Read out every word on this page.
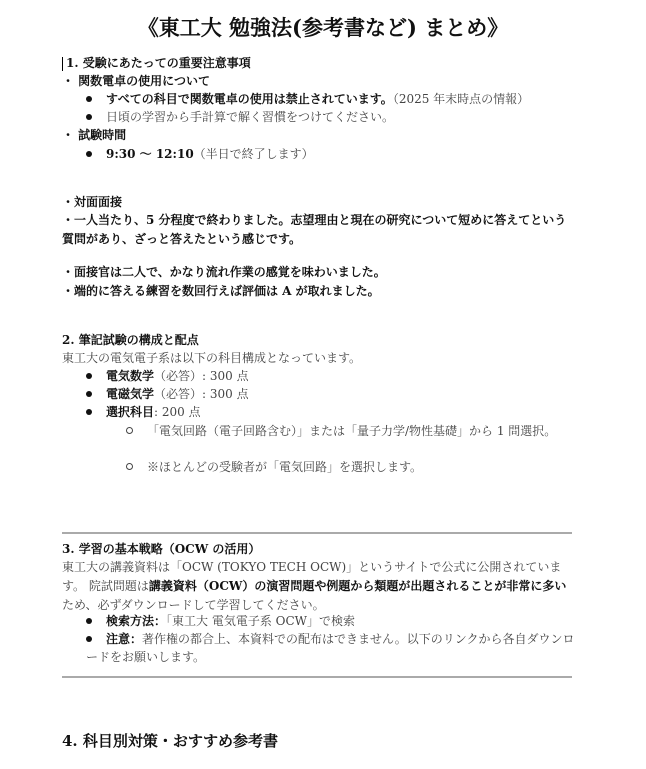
《東工大 勉強法(参考書など) まとめ》
1. 受験にあたっての重要注意事項
・ 関数電卓の使用について
すべての科目で関数電卓の使用は禁止されています。（2025 年末時点の情報）
日頃の学習から手計算で解く習慣をつけてください。
・ 試験時間
9:30 〜 12:10（半日で終了します）
・対面面接
・一人当たり、5 分程度で終わりました。志望理由と現在の研究について短めに答えてという質問があり、ざっと答えたという感じです。
・面接官は二人で、かなり流れ作業の感覚を味わいました。
・端的に答える練習を数回行えば評価は A が取れました。
2. 筆記試験の構成と配点
東工大の電気電子系は以下の科目構成となっています。
電気数学（必答）: 300 点
電磁気学（必答）: 300 点
選択科目: 200 点
「電気回路（電子回路含む）」または「量子力学/物性基礎」から 1 問選択。
※ほとんどの受験者が「電気回路」を選択します。
3. 学習の基本戦略（OCW の活用）
東工大の講義資料は「OCW (TOKYO TECH OCW)」というサイトで公式に公開されています。 院試問題は講義資料（OCW）の演習問題や例題から類題が出題されることが非常に多いため、必ずダウンロードして学習してください。
検索方法：「東工大 電気電子系 OCW」で検索
注意：著作権の都合上、本資料での配布はできません。以下のリンクから各自ダウンロードをお願いします。
4. 科目別対策・おすすめ参考書
